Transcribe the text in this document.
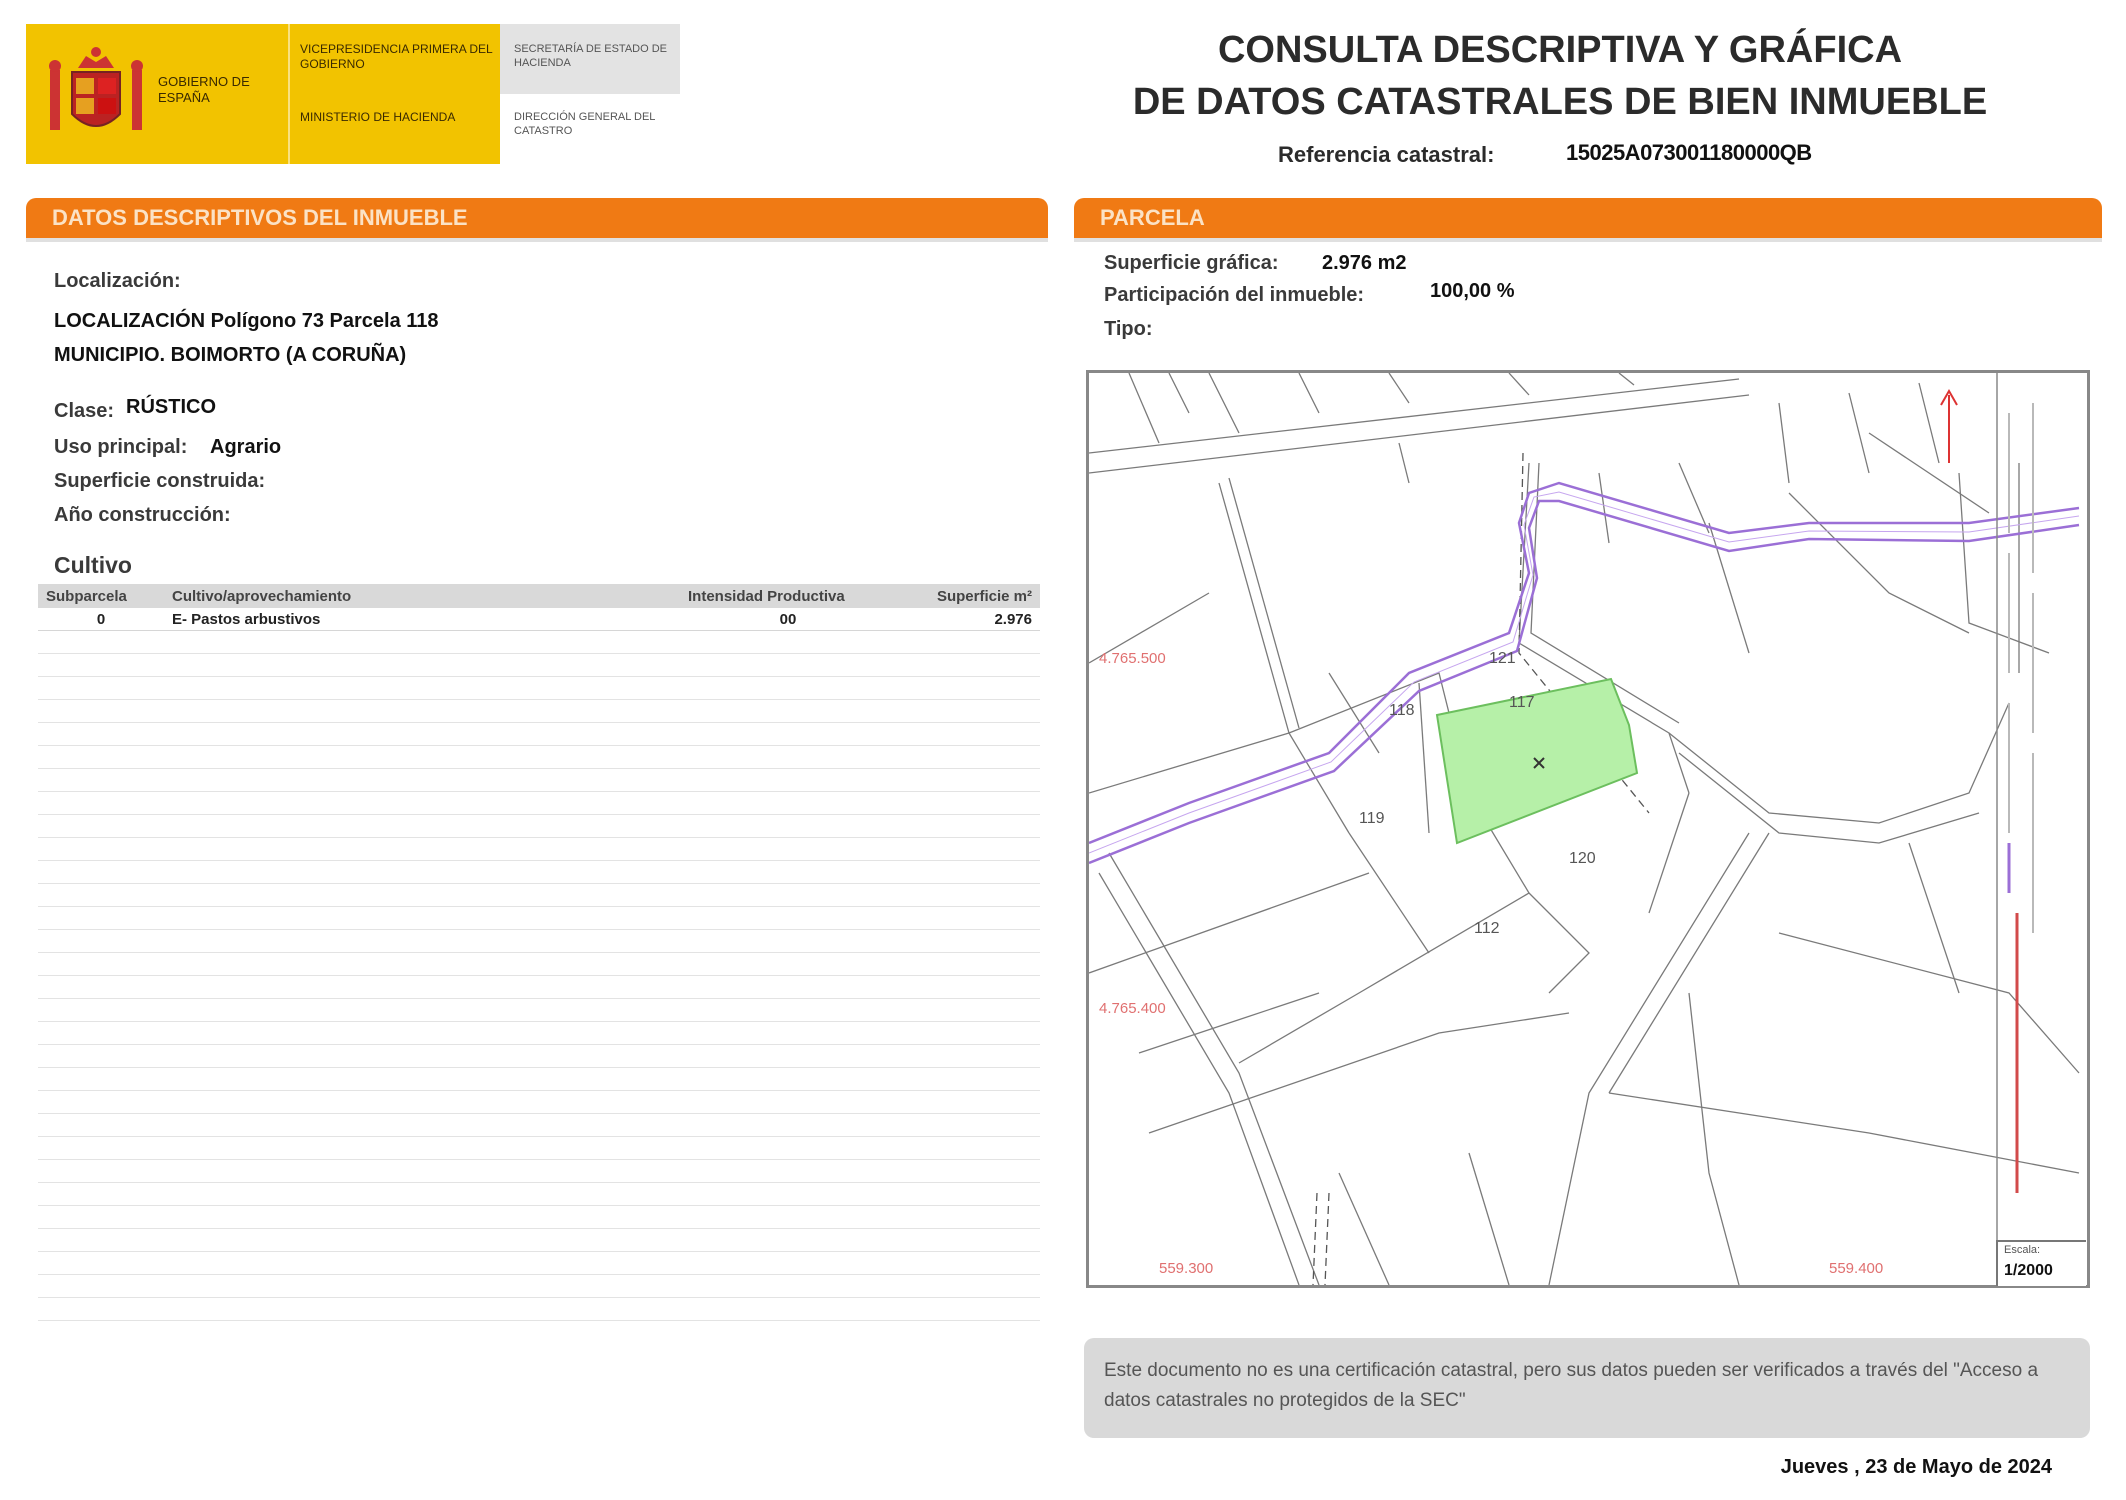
GOBIERNO DE ESPAÑA
VICEPRESIDENCIA PRIMERA DEL GOBIERNO
MINISTERIO DE HACIENDA
SECRETARÍA DE ESTADO DE HACIENDA
DIRECCIÓN GENERAL DEL CATASTRO
CONSULTA DESCRIPTIVA Y GRÁFICA
DE DATOS CATASTRALES DE BIEN INMUEBLE
Referencia catastral:	15025A073001180000QB
DATOS DESCRIPTIVOS DEL INMUEBLE	PARCELA
Localización:
LOCALIZACIÓN Polígono 73 Parcela 118
MUNICIPIO. BOIMORTO (A CORUÑA)
Clase: RÚSTICO
Uso principal: Agrario
Superficie construida:
Año construcción:
Cultivo
Subparcela	Cultivo/aprovechamiento	Intensidad Productiva	Superficie m²
0	E- Pastos arbustivos	00	2.976

Superficie gráfica: 2.976 m2
Participación del inmueble:	100,00 %
Tipo:
117
121
118
119
120
112
559.300	559.400
4.765.500
4.765.400
Escala:
1/2000
Este documento no es una certificación catastral, pero sus datos pueden ser verificados a través del "Acceso a datos catastrales no protegidos de la SEC"
Jueves , 23 de Mayo de 2024
